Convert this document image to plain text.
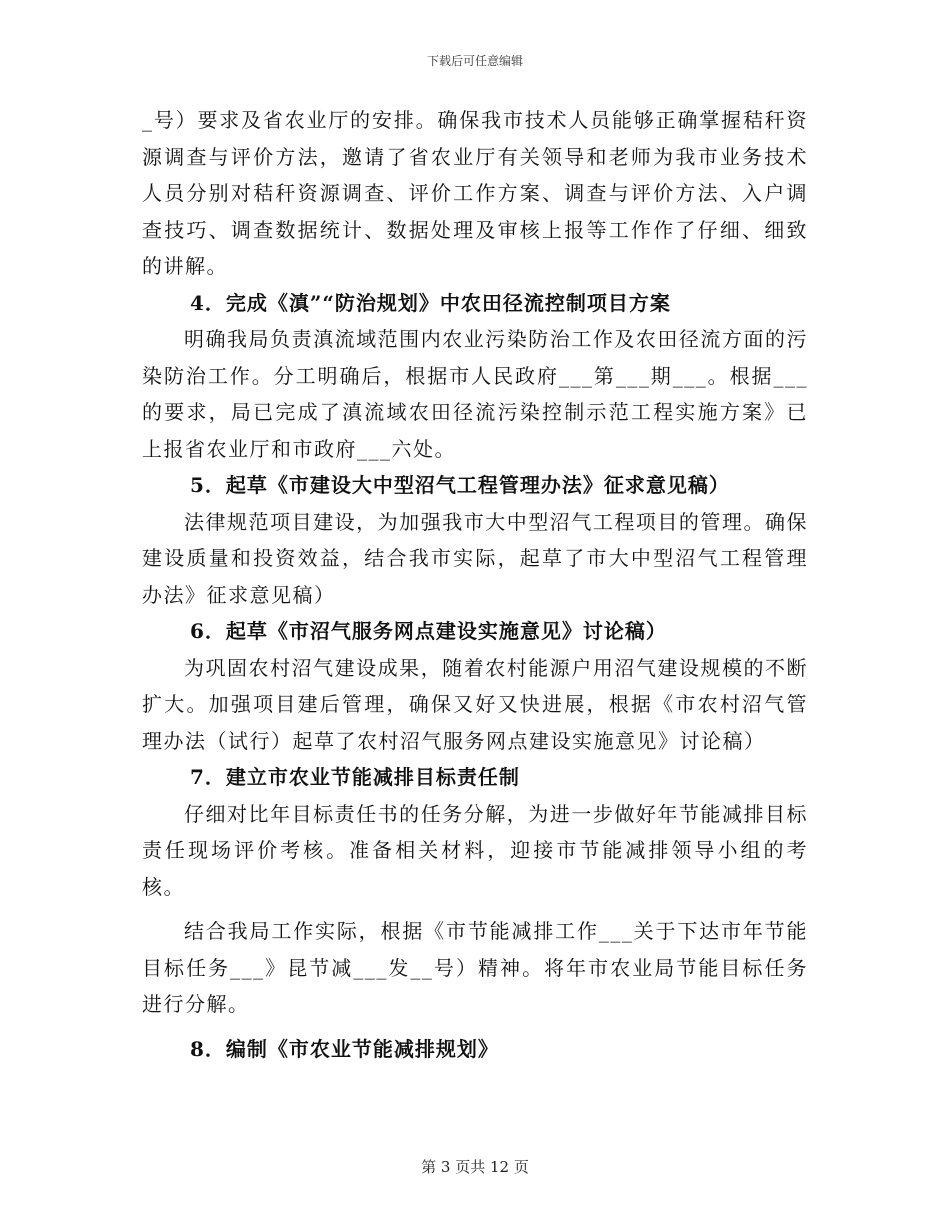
下载后可任意编辑

_号）要求及省农业厅的安排。确保我市技术人员能够正确掌握秸秆资源调查与评价方法，邀请了省农业厅有关领导和老师为我市业务技术人员分别对秸秆资源调查、评价工作方案、调查与评价方法、入户调查技巧、调查数据统计、数据处理及审核上报等工作作了仔细、细致的讲解。

4．完成《滇”“防治规划》中农田径流控制项目方案

明确我局负责滇流域范围内农业污染防治工作及农田径流方面的污染防治工作。分工明确后，根据市人民政府___第___期___。根据___的要求，局已完成了滇流域农田径流污染控制示范工程实施方案》已上报省农业厅和市政府___六处。

5．起草《市建设大中型沼气工程管理办法》征求意见稿）

法律规范项目建设，为加强我市大中型沼气工程项目的管理。确保建设质量和投资效益，结合我市实际，起草了市大中型沼气工程管理办法》征求意见稿）

6．起草《市沼气服务网点建设实施意见》讨论稿）

为巩固农村沼气建设成果，随着农村能源户用沼气建设规模的不断扩大。加强项目建后管理，确保又好又快进展，根据《市农村沼气管理办法（试行）起草了农村沼气服务网点建设实施意见》讨论稿）

7．建立市农业节能减排目标责任制

仔细对比年目标责任书的任务分解，为进一步做好年节能减排目标责任现场评价考核。准备相关材料，迎接市节能减排领导小组的考核。

结合我局工作实际，根据《市节能减排工作___关于下达市年节能目标任务___》昆节减___发__号）精神。将年市农业局节能目标任务进行分解。

8．编制《市农业节能减排规划》

第 3 页共 12 页
